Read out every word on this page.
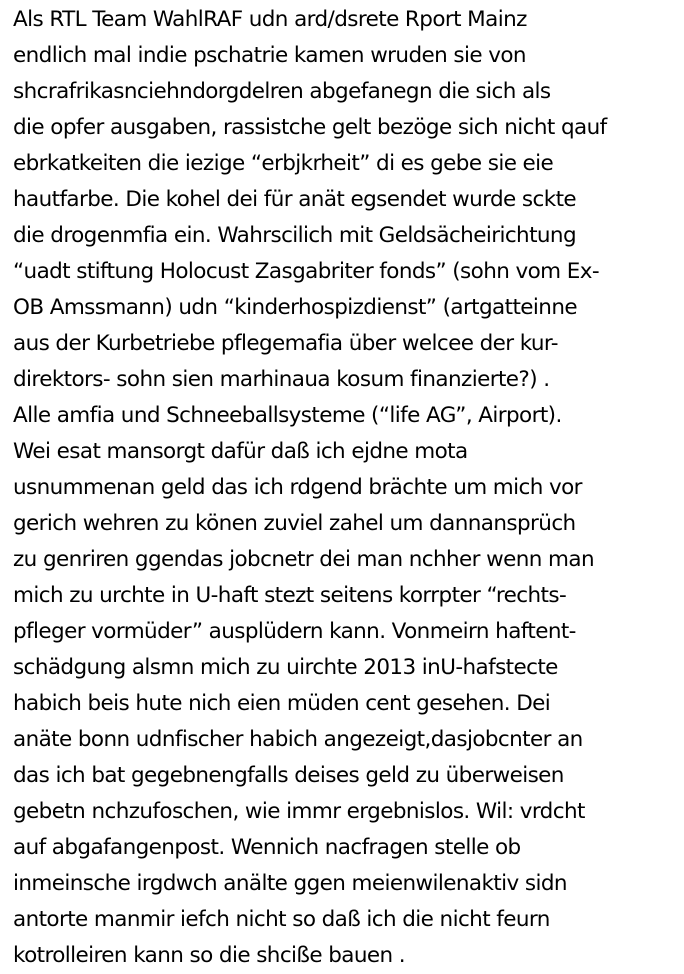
Als RTL Team WahlRAF udn ard/dsrete Rport Mainz
endlich mal indie pschatrie kamen wruden sie von
shcrafrikasnciehndorgdelren abgefanegn die sich als
die opfer ausgaben, rassistche gelt bezöge sich nicht qauf
ebrkatkeiten die iezige “erbjkrheit” di es gebe sie eie
hautfarbe. Die kohel dei für anät egsendet wurde sckte
die drogenmfia ein. Wahrscilich mit Geldsächeirichtung
“uadt stiftung Holocust Zasgabriter fonds” (sohn vom Ex-
OB Amssmann) udn “kinderhospizdienst” (artgatteinne
aus der Kurbetriebe pflegemafia über welcee der kur-
direktors- sohn sien marhinaua kosum finanzierte?) .
Alle amfia und Schneeballsysteme (“life AG”, Airport).
Wei esat mansorgt dafür daß ich ejdne mota
usnummenan geld das ich rdgend brächte um mich vor
gerich wehren zu könen zuviel zahel um dannansprüch
zu genriren ggendas jobcnetr dei man nchher wenn man
mich zu urchte in U-haft stezt seitens korrpter “rechts-
pfleger vormüder” ausplüdern kann. Vonmeirn haftent-
schädgung alsmn mich zu uirchte 2013 inU-hafstecte
habich beis hute nich eien müden cent gesehen. Dei
anäte bonn udnfischer habich angezeigt,dasjobcnter an
das ich bat gegebnengfalls deises geld zu überweisen
gebetn nchzufoschen, wie immr ergebnislos. Wil: vrdcht
auf abgafangenpost. Wennich nacfragen stelle ob
inmeinsche irgdwch anälte ggen meienwilenaktiv sidn
antorte manmir iefch nicht so daß ich die nicht feurn
kotrolleiren kann so die shcißе bauen .
